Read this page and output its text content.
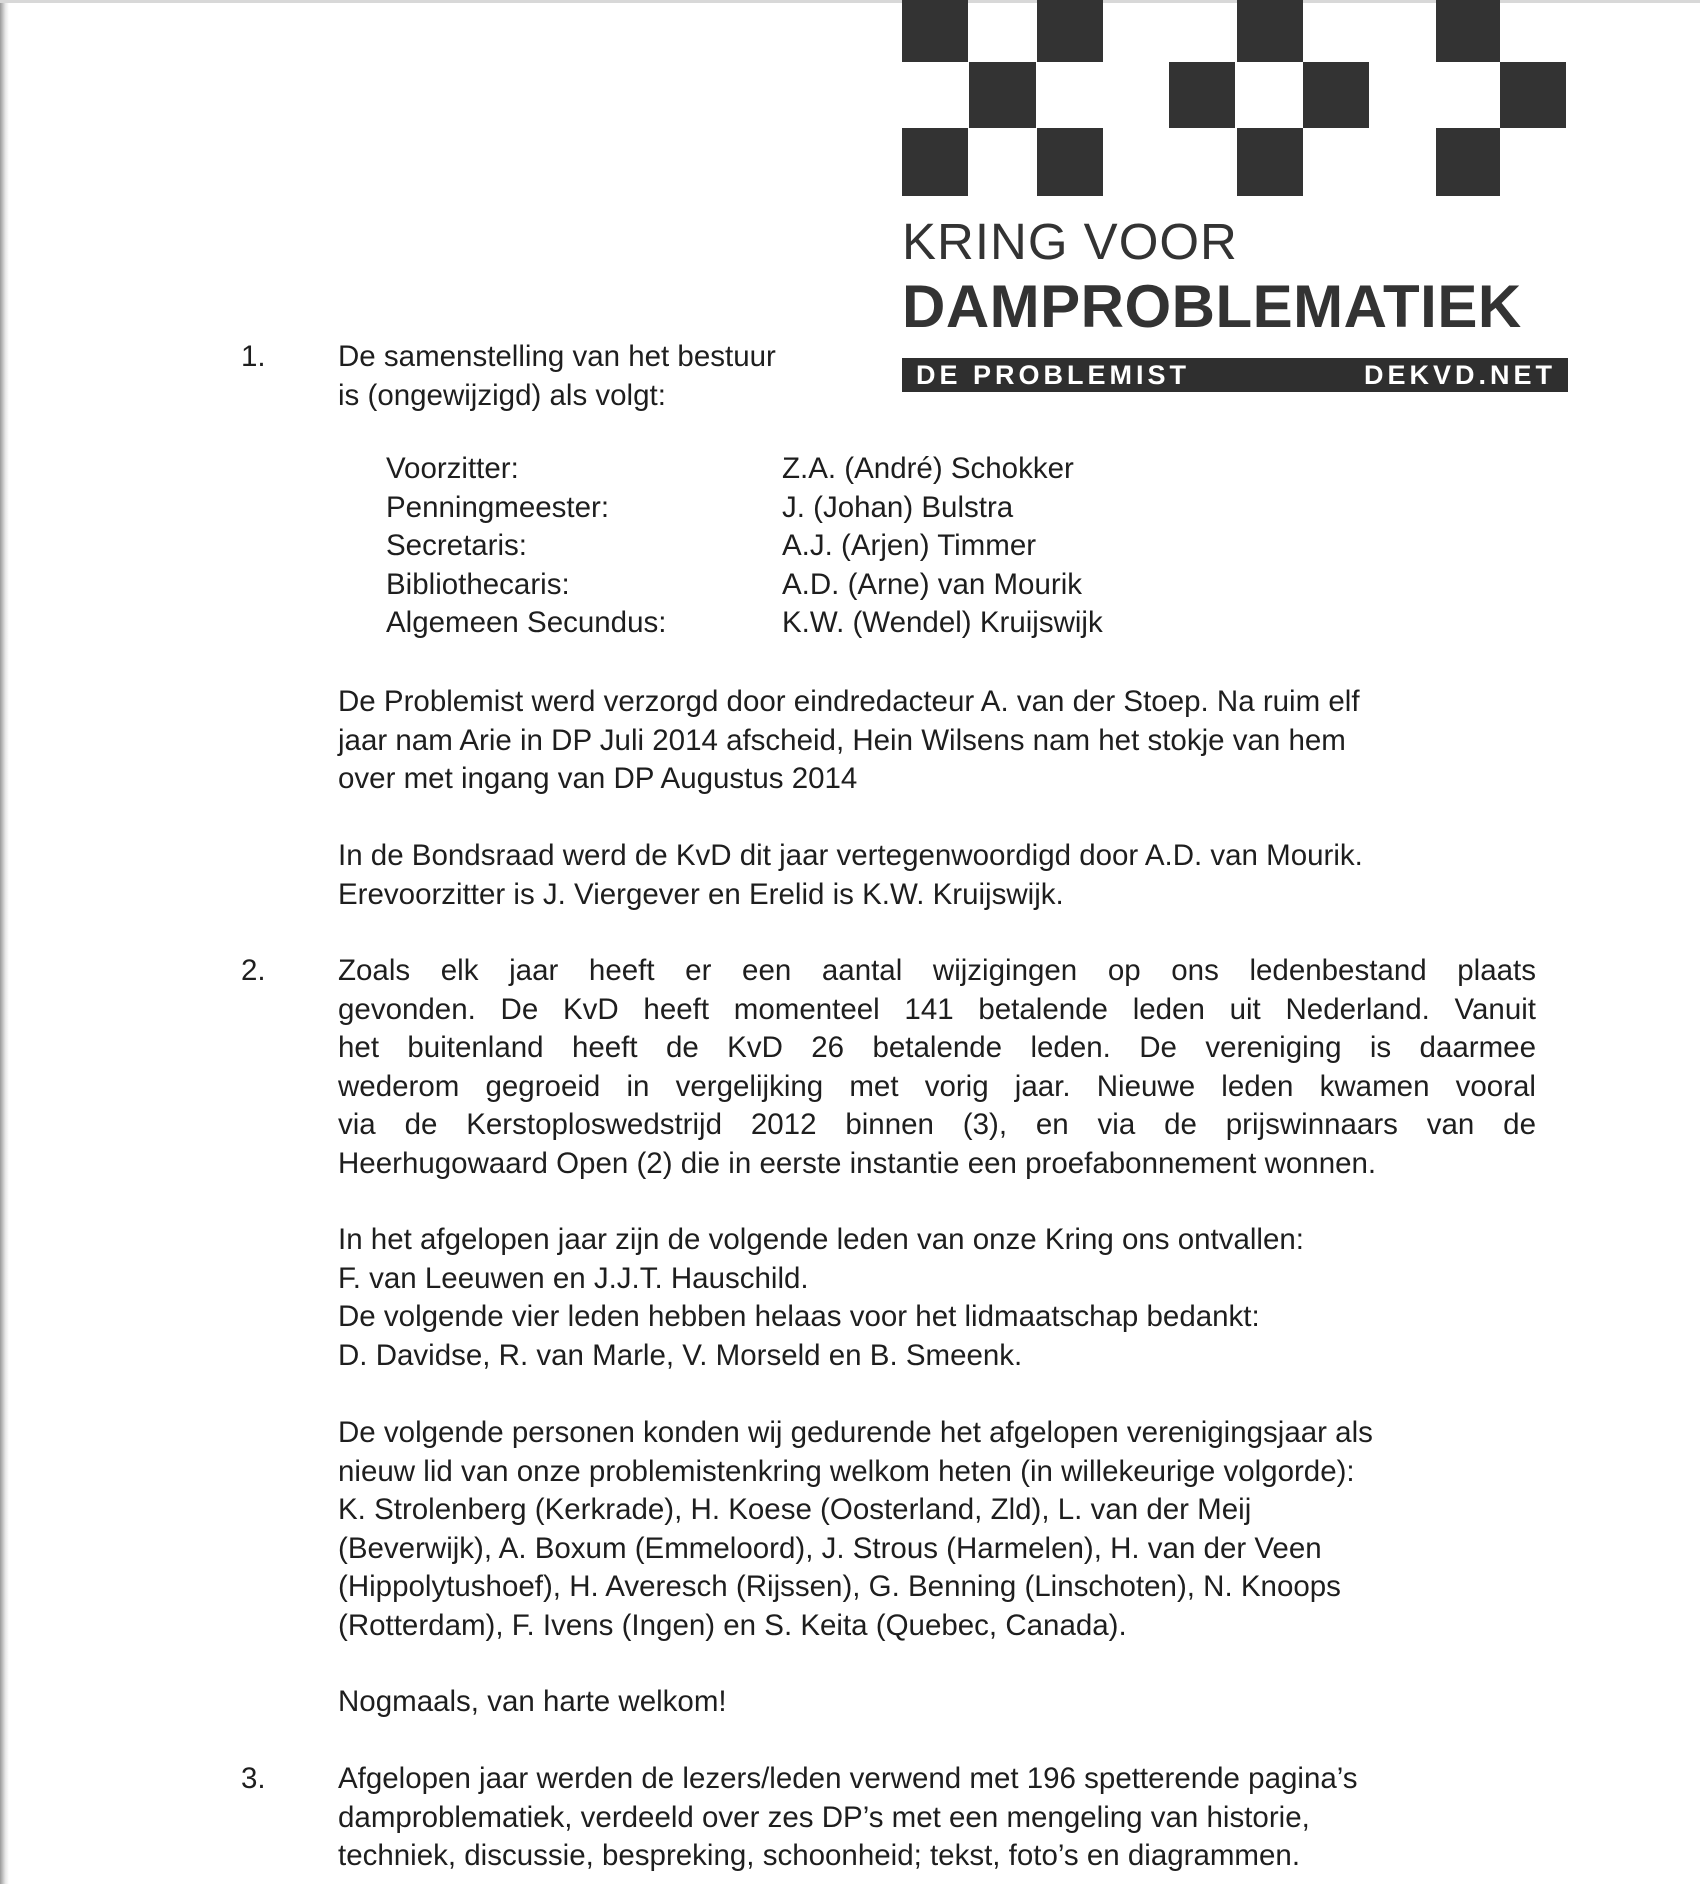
KRING VOOR
DAMPROBLEMATIEK
DE PROBLEMIST	DEKVD.NET
1. De samenstelling van het bestuur
is (ongewijzigd) als volgt:
Voorzitter:	Z.A. (André) Schokker
Penningmeester:	J. (Johan) Bulstra
Secretaris:	A.J. (Arjen) Timmer
Bibliothecaris:	A.D. (Arne) van Mourik
Algemeen Secundus:	K.W. (Wendel) Kruijswijk
De Problemist werd verzorgd door eindredacteur A. van der Stoep. Na ruim elf
jaar nam Arie in DP Juli 2014 afscheid, Hein Wilsens nam het stokje van hem
over met ingang van DP Augustus 2014
In de Bondsraad werd de KvD dit jaar vertegenwoordigd door A.D. van Mourik.
Erevoorzitter is J. Viergever en Erelid is K.W. Kruijswijk.
2. Zoals elk jaar heeft er een aantal wijzigingen op ons ledenbestand plaats
gevonden. De KvD heeft momenteel 141 betalende leden uit Nederland. Vanuit
het buitenland heeft de KvD 26 betalende leden. De vereniging is daarmee
wederom gegroeid in vergelijking met vorig jaar. Nieuwe leden kwamen vooral
via de Kerstoploswedstrijd 2012 binnen (3), en via de prijswinnaars van de
Heerhugowaard Open (2) die in eerste instantie een proefabonnement wonnen.
In het afgelopen jaar zijn de volgende leden van onze Kring ons ontvallen:
F. van Leeuwen en J.J.T. Hauschild.
De volgende vier leden hebben helaas voor het lidmaatschap bedankt:
D. Davidse, R. van Marle, V. Morseld en B. Smeenk.
De volgende personen konden wij gedurende het afgelopen verenigingsjaar als
nieuw lid van onze problemistenkring welkom heten (in willekeurige volgorde):
K. Strolenberg (Kerkrade), H. Koese (Oosterland, Zld), L. van der Meij
(Beverwijk), A. Boxum (Emmeloord), J. Strous (Harmelen), H. van der Veen
(Hippolytushoef), H. Averesch (Rijssen), G. Benning (Linschoten), N. Knoops
(Rotterdam), F. Ivens (Ingen) en S. Keita (Quebec, Canada).
Nogmaals, van harte welkom!
3. Afgelopen jaar werden de lezers/leden verwend met 196 spetterende pagina’s
damproblematiek, verdeeld over zes DP’s met een mengeling van historie,
techniek, discussie, bespreking, schoonheid; tekst, foto’s en diagrammen.
